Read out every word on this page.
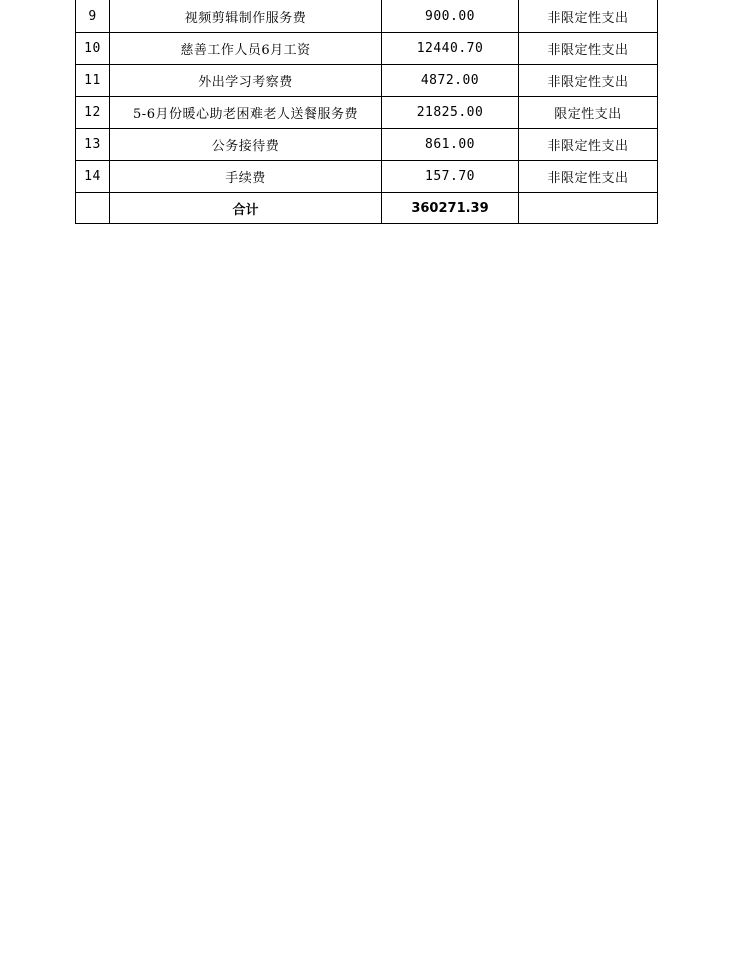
9	视频剪辑制作服务费	900.00	非限定性支出
10	慈善工作人员6月工资	12440.70	非限定性支出
11	外出学习考察费	4872.00	非限定性支出
12	5-6月份暖心助老困难老人送餐服务费	21825.00	限定性支出
13	公务接待费	861.00	非限定性支出
14	手续费	157.70	非限定性支出
	合计	360271.39	
